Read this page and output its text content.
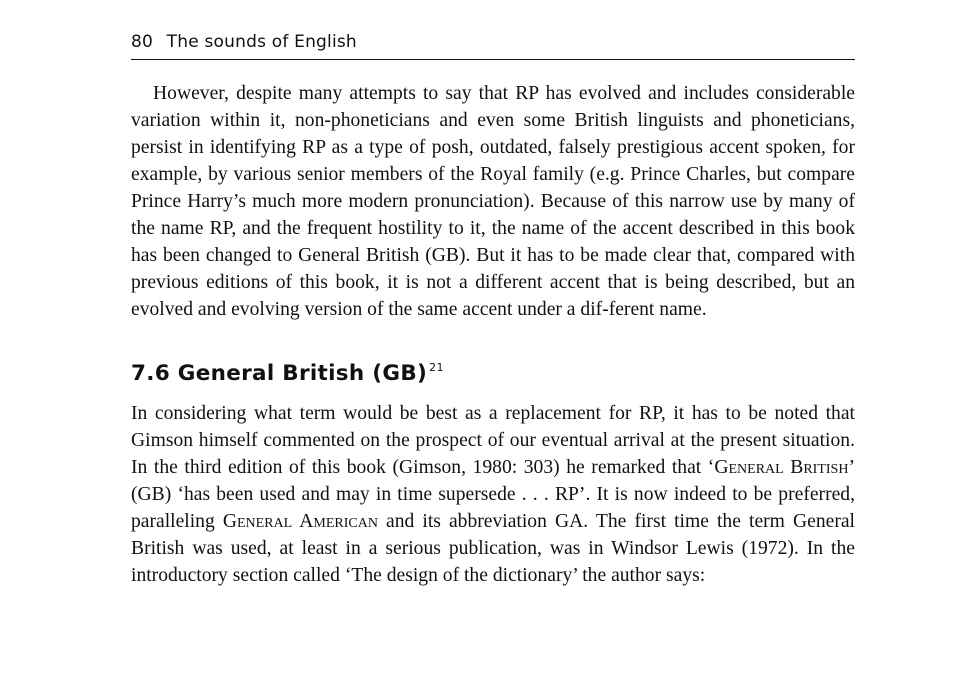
80 The sounds of English

However, despite many attempts to say that RP has evolved and includes considerable variation within it, non-phoneticians and even some British linguists and phoneticians, persist in identifying RP as a type of posh, outdated, falsely prestigious accent spoken, for example, by various senior members of the Royal family (e.g. Prince Charles, but compare Prince Harry’s much more modern pronunciation). Because of this narrow use by many of the name RP, and the frequent hostility to it, the name of the accent described in this book has been changed to General British (GB). But it has to be made clear that, compared with previous editions of this book, it is not a different accent that is being described, but an evolved and evolving version of the same accent under a dif-ferent name.

7.6 General British (GB) $^{21}$

In considering what term would be best as a replacement for RP, it has to be noted that Gimson himself commented on the prospect of our eventual arrival at the present situation. In the third edition of this book (Gimson, 1980: 303) he remarked that ‘General British’ (GB) ‘has been used and may in time supersede . . . RP’. It is now indeed to be preferred, paralleling General American and its abbreviation GA. The first time the term General British was used, at least in a serious publication, was in Windsor Lewis (1972). In the introductory section called ‘The design of the dictionary’ the author says:
